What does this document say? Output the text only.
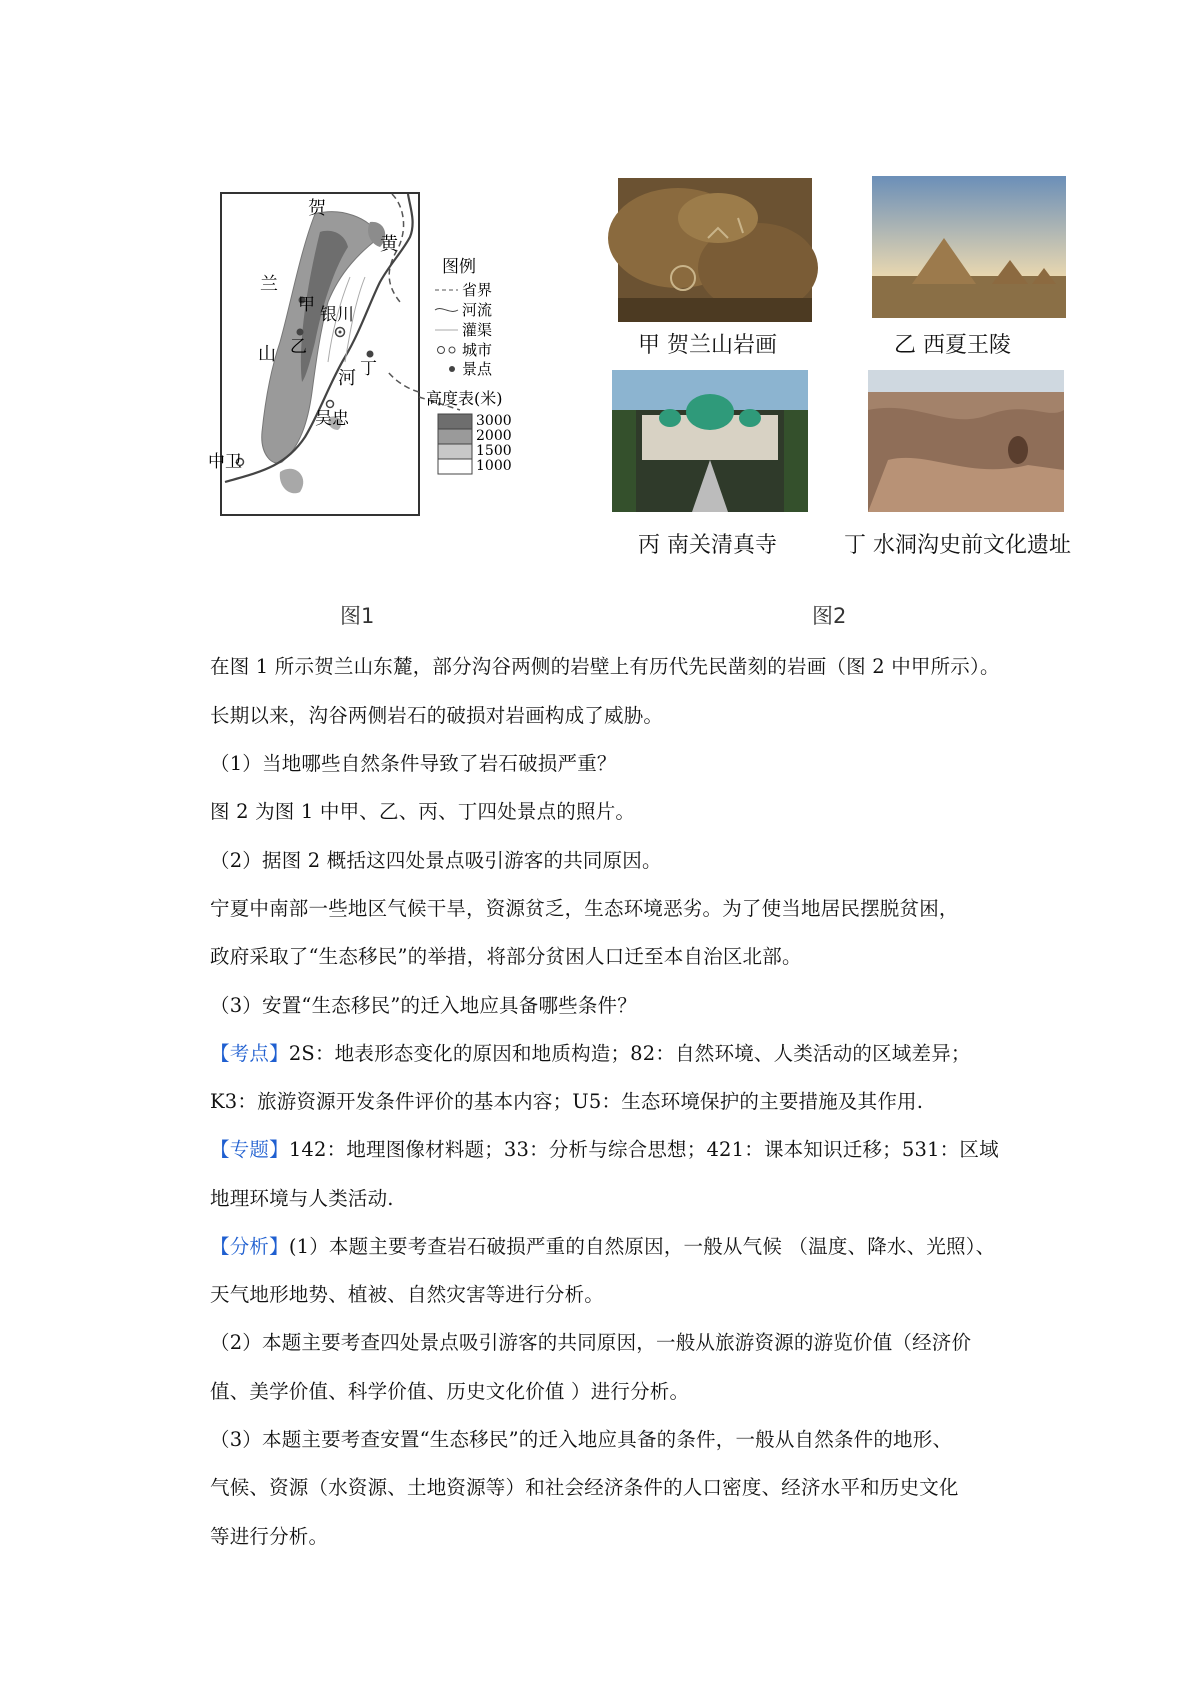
贺
兰
山
黄
河
甲
乙
银川
丁
吴忠
中卫
图例
省界
河流
灌渠
城市
景点
高度表(米)
3000
2000
1500
1000
甲 贺兰山岩画	乙 西夏王陵
丙 南关清真寺	丁 水洞沟史前文化遗址
图1	图2
在图 1 所示贺兰山东麓，部分沟谷两侧的岩壁上有历代先民凿刻的岩画（图 2 中甲所示）。
长期以来，沟谷两侧岩石的破损对岩画构成了威胁。
（1）当地哪些自然条件导致了岩石破损严重？
图 2 为图 1 中甲、乙、丙、丁四处景点的照片。
（2）据图 2 概括这四处景点吸引游客的共同原因。
宁夏中南部一些地区气候干旱，资源贫乏，生态环境恶劣。为了使当地居民摆脱贫困，
政府采取了“生态移民”的举措，将部分贫困人口迁至本自治区北部。
（3）安置“生态移民”的迁入地应具备哪些条件？
【考点】2S：地表形态变化的原因和地质构造；82：自然环境、人类活动的区域差异；
K3：旅游资源开发条件评价的基本内容；U5：生态环境保护的主要措施及其作用.
【专题】142：地理图像材料题；33：分析与综合思想；421：课本知识迁移；531：区域
地理环境与人类活动.
【分析】(1）本题主要考查岩石破损严重的自然原因，一般从气候 （温度、降水、光照）、
天气地形地势、植被、自然灾害等进行分析。
（2）本题主要考查四处景点吸引游客的共同原因，一般从旅游资源的游览价值（经济价
值、美学价值、科学价值、历史文化价值 ）进行分析。
（3）本题主要考查安置“生态移民”的迁入地应具备的条件，一般从自然条件的地形、
气候、资源（水资源、土地资源等）和社会经济条件的人口密度、经济水平和历史文化
等进行分析。
